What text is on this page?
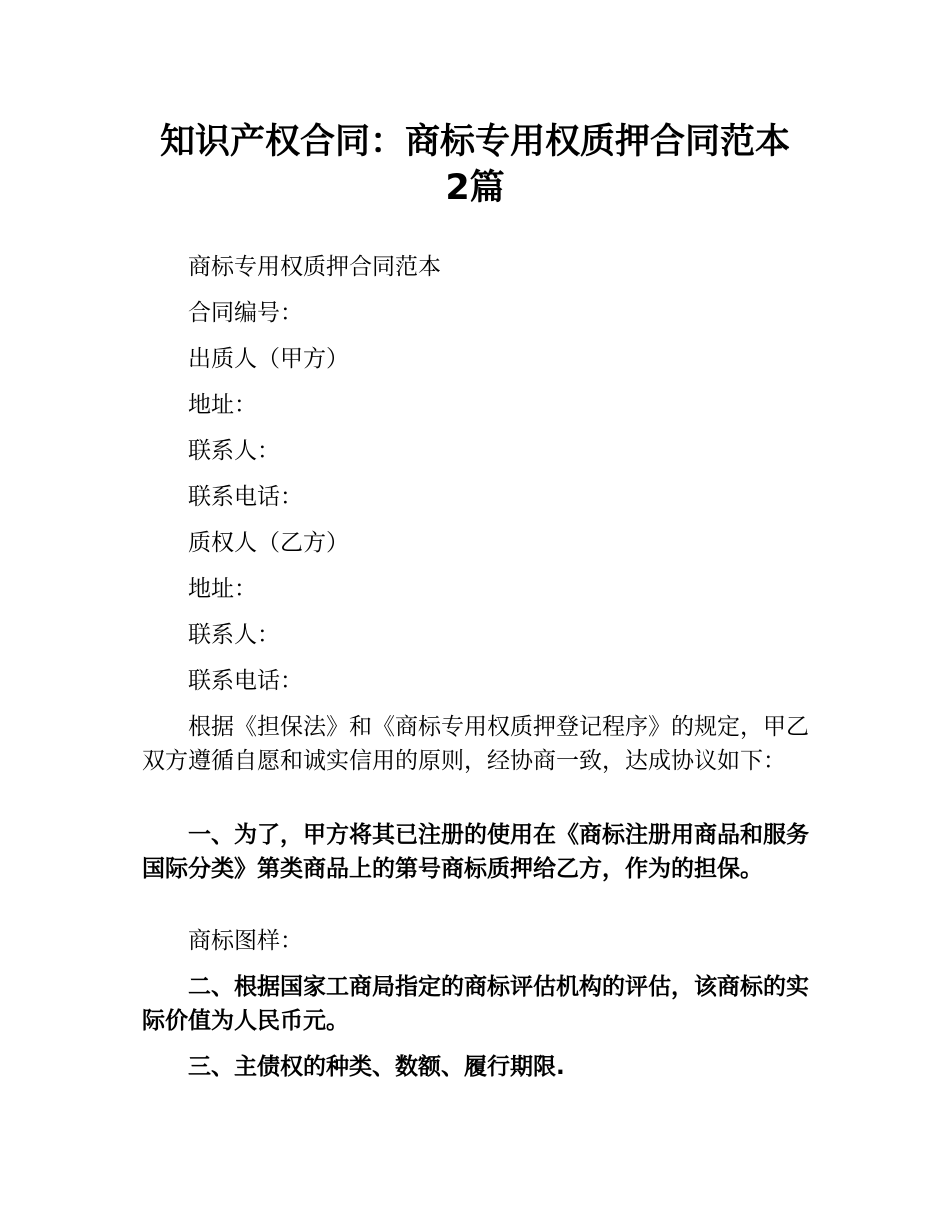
知识产权合同：商标专用权质押合同范本
2篇

商标专用权质押合同范本

合同编号：

出质人（甲方）

地址：

联系人：

联系电话：

质权人（乙方）

地址：

联系人：

联系电话：

根据《担保法》和《商标专用权质押登记程序》的规定，甲乙双方遵循自愿和诚实信用的原则，经协商一致，达成协议如下：

一、为了，甲方将其已注册的使用在《商标注册用商品和服务国际分类》第类商品上的第号商标质押给乙方，作为的担保。

商标图样：

二、根据国家工商局指定的商标评估机构的评估，该商标的实际价值为人民币元。

三、主债权的种类、数额、履行期限.
